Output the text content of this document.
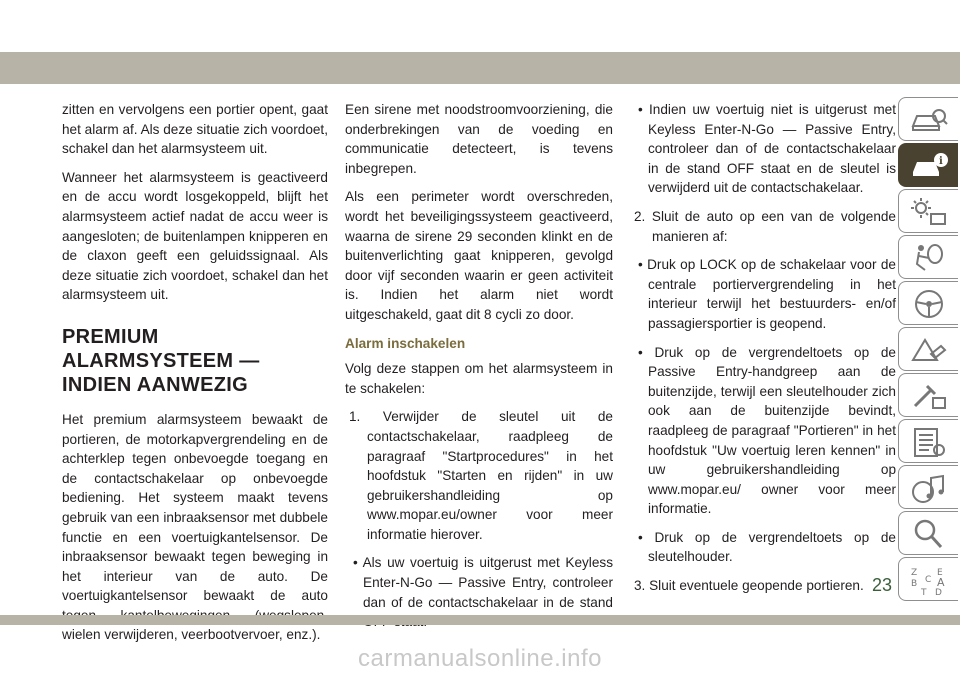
zitten en vervolgens een portier opent, gaat het alarm af. Als deze situatie zich voordoet, schakel dan het alarmsysteem uit.

Wanneer het alarmsysteem is geactiveerd en de accu wordt losgekoppeld, blijft het alarmsysteem actief nadat de accu weer is aangesloten; de buitenlampen knipperen en de claxon geeft een geluidssignaal. Als deze situatie zich voordoet, schakel dan het alarmsysteem uit.

PREMIUM ALARMSYSTEEM — INDIEN AANWEZIG

Het premium alarmsysteem bewaakt de portieren, de motorkapvergrendeling en de achterklep tegen onbevoegde toegang en de contactschakelaar op onbevoegde bediening. Het systeem maakt tevens gebruik van een inbraaksensor met dubbele functie en een voertuigkantelsensor. De inbraaksensor bewaakt tegen beweging in het interieur van de auto. De voertuigkantelsensor bewaakt de auto wielen verwijderen, veerbootvervoer, enz.).

Een sirene met noodstroomvoorziening, die onderbrekingen van de voeding en communicatie detecteert, is tevens inbegrepen.

Als een perimeter wordt overschreden, wordt het beveiligingssysteem geactiveerd, waarna de sirene 29 seconden klinkt en de buitenverlichting gaat knipperen, gevolgd door vijf seconden waarin er geen activiteit is. Indien het alarm niet wordt uitgeschakeld, gaat dit 8 cycli zo door.

Alarm inschakelen

Volg deze stappen om het alarmsysteem in te schakelen:

1. Verwijder de sleutel uit de contactschakelaar, raadpleeg de paragraaf "Startprocedures" in het hoofdstuk "Starten en rijden" in uw gebruikershandleiding op www.mopar.eu/owner voor meer informatie hierover.

• Als uw voertuig is uitgerust met Keyless Enter-N-Go — Passive Entry, controleer dan of de contactschakelaar in de stand

• Indien uw voertuig niet is uitgerust met Keyless Enter-N-Go — Passive Entry, controleer dan of de contactschakelaar in de stand OFF staat en de sleutel is verwijderd uit de contactschakelaar.

2. Sluit de auto op een van de volgende manieren af:

• Druk op LOCK op de schakelaar voor de centrale portiervergrendeling in het interieur terwijl het bestuurders- en/of passagiersportier is geopend.

• Druk op de vergrendeltoets op de Passive Entry-handgreep aan de buitenzijde, terwijl een sleutelhouder zich ook aan de buitenzijde bevindt, raadpleeg de paragraaf "Portieren" in het hoofdstuk "Uw voertuig leren kennen" in uw gebruikershandleiding op www.mopar.eu/ owner voor meer informatie.

• Druk op de vergrendeltoets op de sleutelhouder.

3. Sluit eventuele geopende portieren.

i
Z E
B C A
T D
23
carmanualsonline.info
